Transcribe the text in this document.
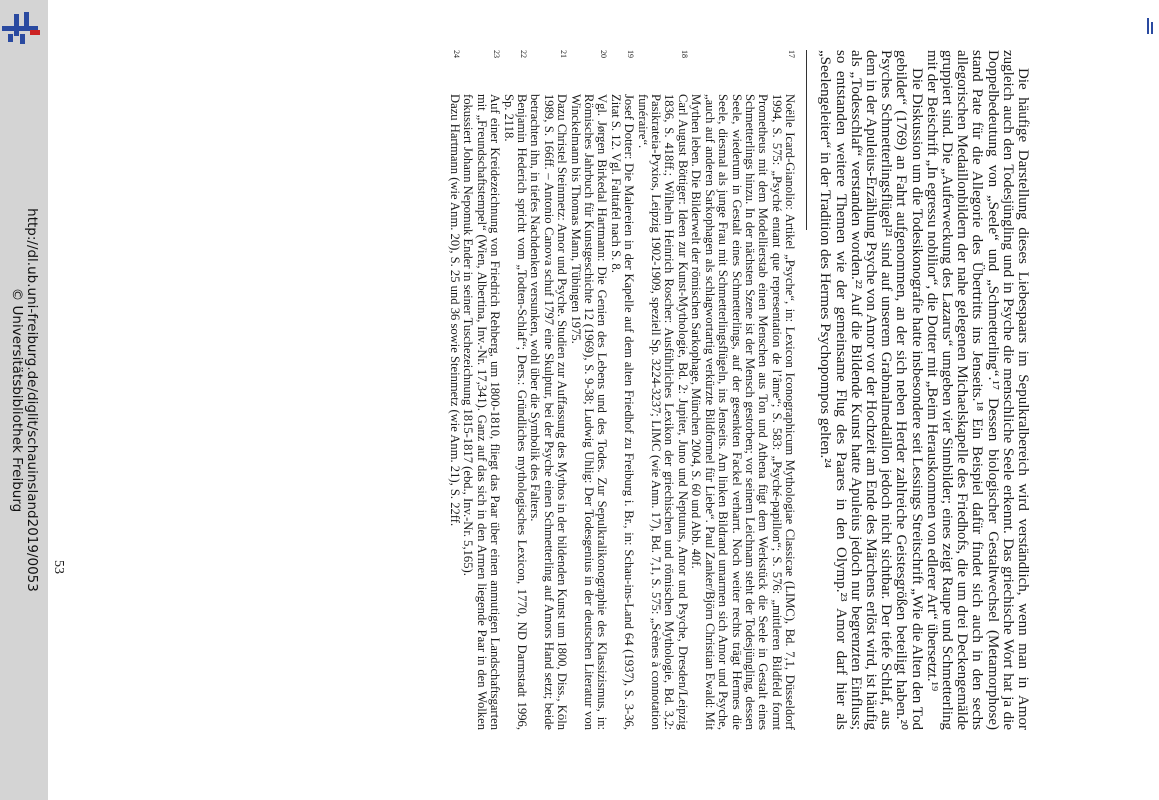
http://dl.ub.uni-freiburg.de/diglit/schauinsland2019/0053
© Universitätsbibliothek Freiburg	Die häufige Darstellung dieses Liebespaars im Sepulkralbereich wird verständlich, wenn man in Amor zugleich auch den Todesjüngling und in Psyche die menschliche Seele erkennt. Das griechische Wort hat ja die Doppelbedeutung von „Seele“ und „Schmetterling“.¹⁷ Dessen biologischer Gestaltwechsel (Metamorphose) stand Pate für die Allegorie des Übertritts ins Jenseits.¹⁸ Ein Beispiel dafür findet sich auch in den sechs allegorischen Medaillonbildern der nahe gelegenen Michaelskapelle des Friedhofs, die um drei Deckengemälde gruppiert sind. Die „Auferweckung des Lazarus“ umgeben vier Sinnbilder; eines zeigt Raupe und Schmetterling mit der Beischrift „In egressu nobilior“, die Dotter mit „Beim Herauskommen von edlerer Art“ übersetzt.¹⁹

Die Diskussion um die Todesikonografie hatte insbesondere seit Lessings Streitschrift „Wie die Alten den Tod gebildet“ (1769) an Fahrt aufgenommen, an der sich neben Herder zahlreiche Geistesgrößen beteiligt haben.²⁰ Psyches Schmetterlingsflügel²¹ sind auf unserem Grabmalmedaillon jedoch nicht sichtbar. Der tiefe Schlaf, aus dem in der Apuleius-Erzählung Psyche von Amor vor der Hochzeit am Ende des Märchens erlöst wird, ist häufig als „Todesschlaf“ verstanden worden.²² Auf die Bildende Kunst hatte Apuleius jedoch nur begrenzten Einfluss; so entstanden weitere Themen wie der gemeinsame Flug des Paares in den Olymp.²³ Amor darf hier als „Seelengeleiter“ in der Tradition des Hermes Psychopompos gelten.²⁴

17
Noëlle Icard-Gianolio: Artikel „Psyche“, in: Lexicon Iconographicum Mythologiae Classicae (LIMC), Bd. 7,1, Düsseldorf 1994, S. 575: „Psyché entant que representation de l’âme“; S. 583: „Psyché-papillon“; S. 576: „mittleren Bildfeld formt Prometheus mit dem Modellierstab einen Menschen aus Ton und Athena fügt dem Werkstück die Seele in Gestalt eines Schmetterlings hinzu. In der nächsten Szene ist der Mensch gestorben; vor seinem Leichnam steht der Todesjüngling, dessen Seele, wiederum in Gestalt eines Schmetterlings, auf der gesenkten Fackel verharrt. Noch weiter rechts trägt Hermes die Seele, diesmal als junge Frau mit Schmetterlingsflügeln, ins Jenseits. Am linken Bildrand umarmen sich Amor und Psyche, „auch auf anderen Sarkophagen als schlagwortartig verkürzte Bildformel für Liebe“. Paul Zanker/Björn Christian Ewald: Mit Mythen leben. Die Bilderwelt der römischen Sarkophage, München 2004, S. 60 und Abb. 40f.

18
Carl August Böttiger: Ideen zur Kunst-Mythologie, Bd. 2: Jupiter, Juno und Neptunus, Amor und Psyche, Dresden/Leipzig 1836, S. 418ff.; Wilhelm Heinrich Roscher: Ausführliches Lexikon der griechischen und römischen Mythologie, Bd. 3,2: Pasikrateia-Pyxios, Leipzig 1902-1909, speziell Sp. 3224-3237; LIMC (wie Anm. 17), Bd. 7,1, S. 575: „Scènes à connotation funéraire“.

19
Josef Dotter: Die Malereien in der Kapelle auf dem alten Friedhof zu Freiburg i. Br., in: Schau-ins-Land 64 (1937), S. 3-36, Zitat S. 12. Vgl. Falttafel nach S. 8.

20
Vgl. Jørgen Birkedal Hartmann: Die Genien des Lebens und des Todes. Zur Sepulkralikonographie des Klassizismus, in: Römisches Jahrbuch für Kunstgeschichte 12 (1969), S. 9-38; Ludwig Uhlig: Der Todesgenius in der deutschen Literatur von Winckelmann bis Thomas Mann, Tübingen 1975.

21
Dazu Christel Steinmetz: Amor und Psyche. Studien zur Auffassung des Mythos in der bildenden Kunst um 1800, Diss., Köln 1989, S. 166ff. – Antonio Canova schuf 1797 eine Skulptur, bei der Psyche einen Schmetterling auf Amors Hand setzt; beide betrachten ihn, in tiefes Nachdenken versunken, wohl über die Symbolik des Falters.

22
Benjamin Hederich spricht vom „Todten-Schlaf“; Ders.: Gründliches mythologisches Lexicon, 1770, ND Darmstadt 1996, Sp. 2118.

23
Auf einer Kreidezeichnung von Friedrich Rehberg, um 1800-1810, fliegt das Paar über einen anmutigen Landschaftsgarten mit „Freundschaftstempel“ (Wien, Albertina, Inv.-Nr. 17,341). Ganz auf das sich in den Armen liegende Paar in den Wolken fokussiert Johann Nepomuk Ender in seiner Tuschezeichnung 1815-1817 (ebd., Inv.-Nr. 5,165).

24
Dazu Hartmann (wie Anm. 20), S. 25 und 36 sowie Steinmetz (wie Anm. 21), S. 22ff.

53
